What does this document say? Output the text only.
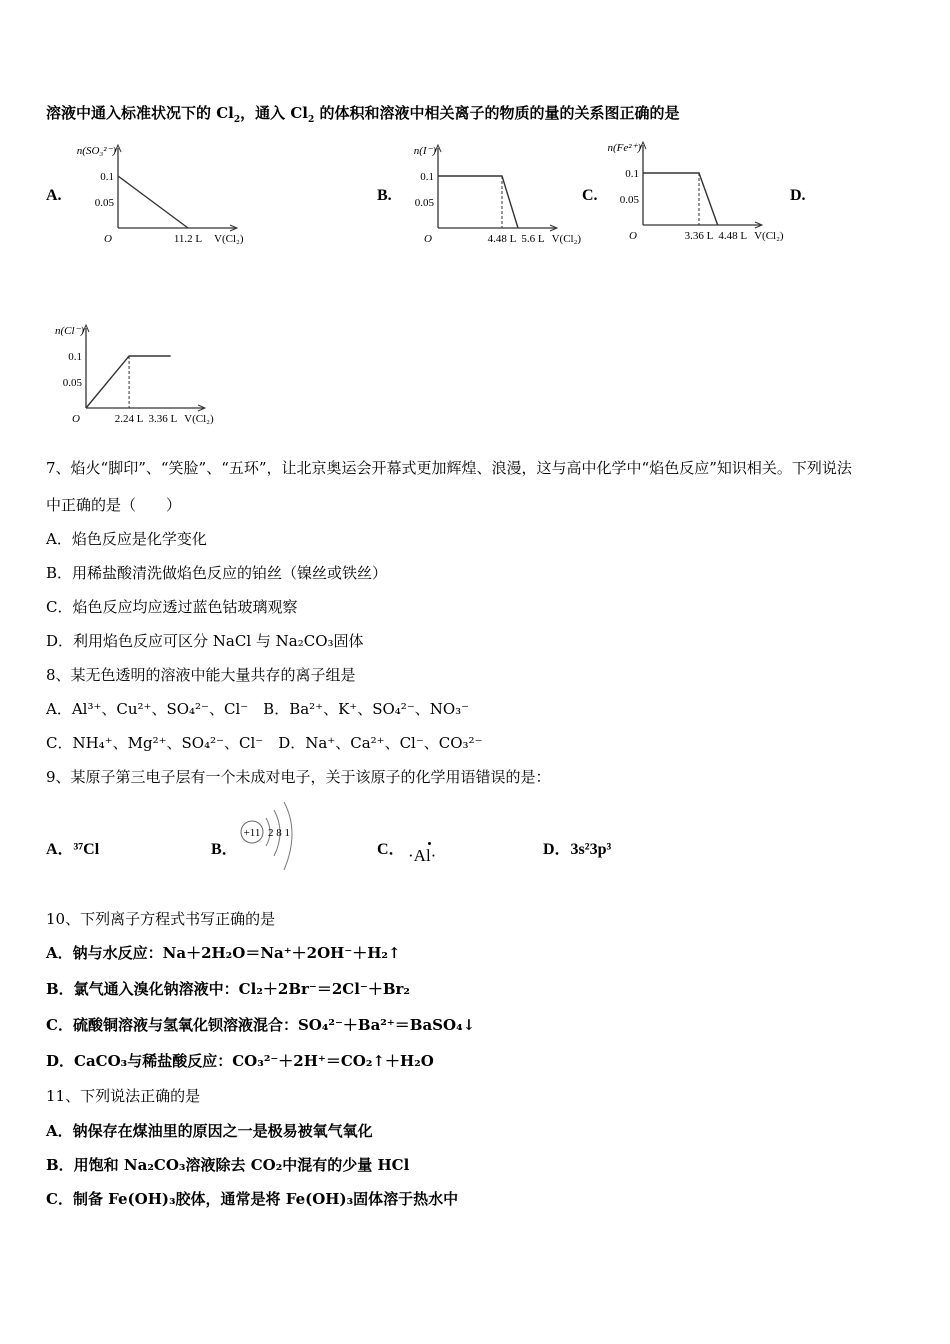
溶液中通入标准状况下的 $Cl_2$，通入 $Cl_2$ 的体积和溶液中相关离子的物质的量的关系图正确的是
A.	B.	C.	D.
n(SO₃²⁻)
O
0.1
0.05
11.2 L V(Cl₂)
n(I⁻)
O
0.1
0.05
4.48 L 5.6 L V(Cl₂)
n(Fe²⁺)
O
0.1
0.05
3.36 L 4.48 L V(Cl₂)
n(Cl⁻)
O
0.1
0.05
2.24 L 3.36 L V(Cl₂)
7、焰火“脚印”、“笑脸”、“五环”，让北京奥运会开幕式更加辉煌、浪漫，这与高中化学中“焰色反应”知识相关。下列说法
中正确的是（　　）
A．焰色反应是化学变化
B．用稀盐酸清洗做焰色反应的铂丝（镍丝或铁丝）
C．焰色反应均应透过蓝色钴玻璃观察
D．利用焰色反应可区分 NaCl 与 Na₂CO₃固体
8、某无色透明的溶液中能大量共存的离子组是
A．Al³⁺、Cu²⁺、SO₄²⁻、Cl⁻　B．Ba²⁺、K⁺、SO₄²⁻、NO₃⁻
C．NH₄⁺、Mg²⁺、SO₄²⁻、Cl⁻　D．Na⁺、Ca²⁺、Cl⁻、CO₃²⁻
9、某原子第三电子层有一个未成对电子，关于该原子的化学用语错误的是：
A．³⁷Cl	B．
+11 2 8 1
C． ·Al·	D．3s²3p³
10、下列离子方程式书写正确的是
A．钠与水反应：Na＋2H₂O＝Na⁺＋2OH⁻＋H₂↑
B．氯气通入溴化钠溶液中：Cl₂＋2Br⁻＝2Cl⁻＋Br₂
C．硫酸铜溶液与氢氧化钡溶液混合：SO₄²⁻＋Ba²⁺＝BaSO₄↓
D．CaCO₃与稀盐酸反应：CO₃²⁻＋2H⁺＝CO₂↑＋H₂O
11、下列说法正确的是
A．钠保存在煤油里的原因之一是极易被氧气氧化
B．用饱和 Na₂CO₃溶液除去 CO₂中混有的少量 HCl
C．制备 Fe(OH)₃胶体，通常是将 Fe(OH)₃固体溶于热水中
